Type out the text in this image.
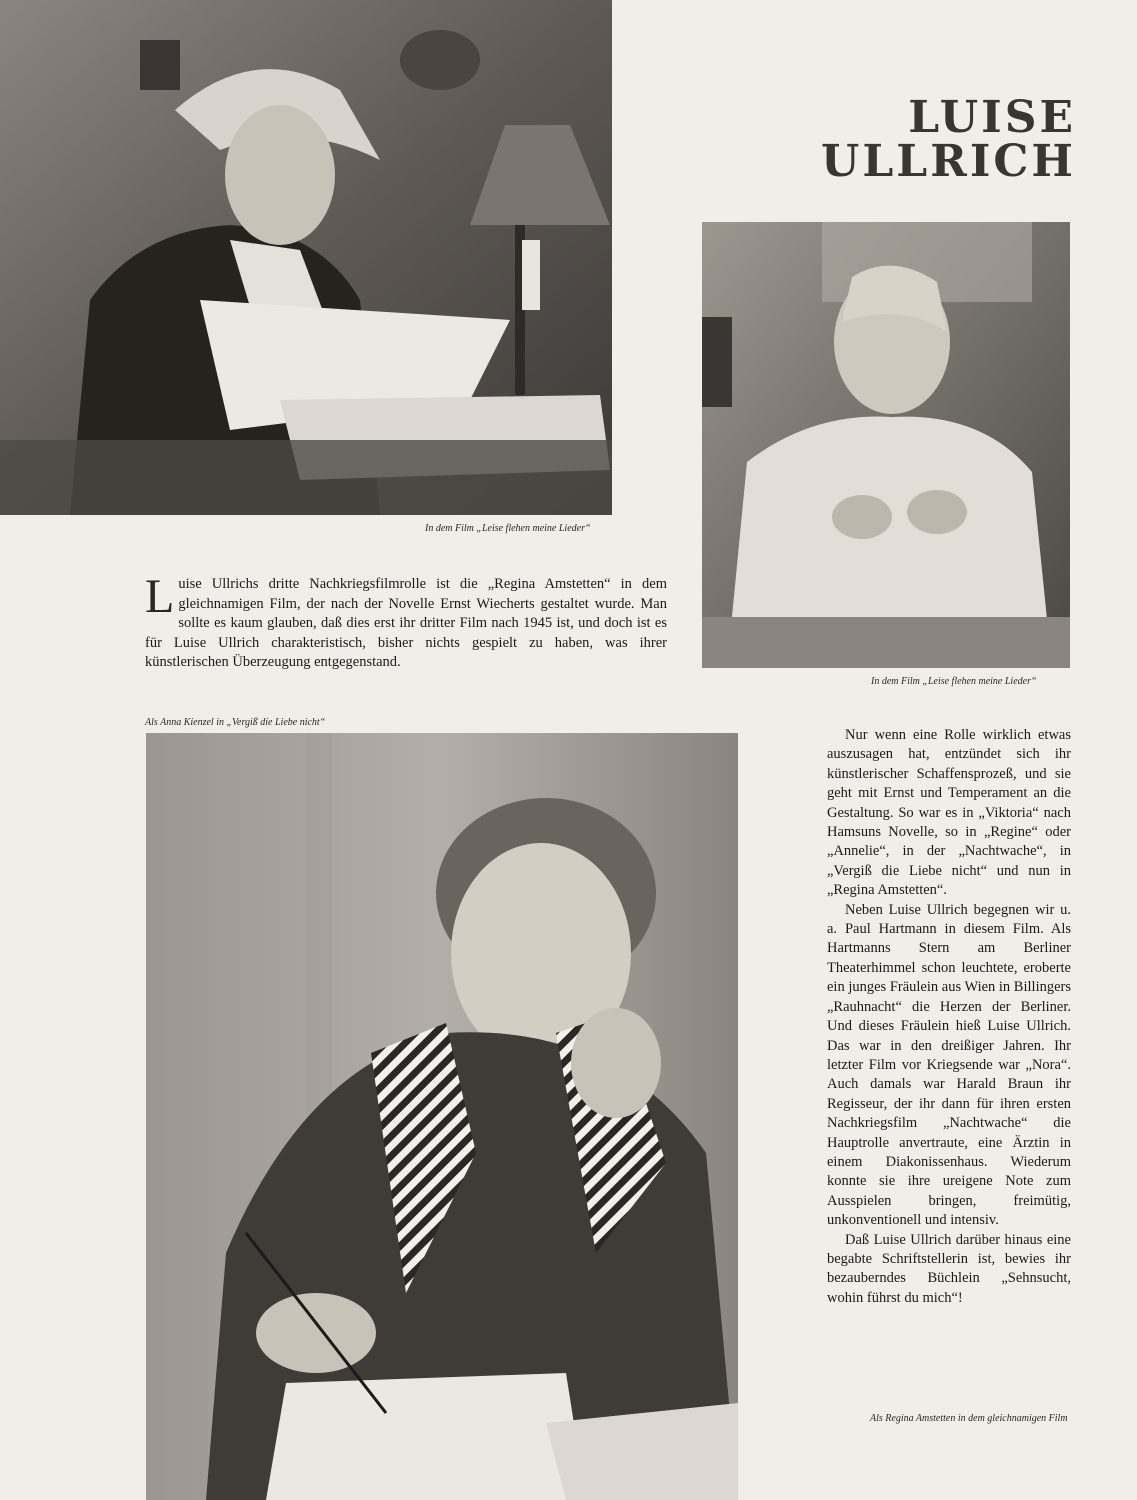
In dem Film „Leise flehen meine Lieder“

LUISE ULLRICH

In dem Film „Leise flehen meine Lieder“

Luise Ullrichs dritte Nachkriegsfilmrolle ist die „Regina Amstetten“ in dem gleichnamigen Film, der nach der Novelle Ernst Wiecherts gestaltet wurde. Man sollte es kaum glauben, daß dies erst ihr dritter Film nach 1945 ist, und doch ist es für Luise Ullrich charakteristisch, bisher nichts gespielt zu haben, was ihrer künstlerischen Überzeugung entgegenstand.

Als Anna Kienzel in „Vergiß die Liebe nicht“

Nur wenn eine Rolle wirklich etwas auszusagen hat, entzündet sich ihr künstlerischer Schaffensprozeß, und sie geht mit Ernst und Temperament an die Gestaltung. So war es in „Viktoria“ nach Hamsuns Novelle, so in „Regine“ oder „Annelie“, in der „Nachtwache“, in „Vergiß die Liebe nicht“ und nun in „Regina Amstetten“.

Neben Luise Ullrich begegnen wir u. a. Paul Hartmann in diesem Film. Als Hartmanns Stern am Berliner Theaterhimmel schon leuchtete, eroberte ein junges Fräulein aus Wien in Billingers „Rauhnacht“ die Herzen der Berliner. Und dieses Fräulein hieß Luise Ullrich. Das war in den dreißiger Jahren. Ihr letzter Film vor Kriegsende war „Nora“. Auch damals war Harald Braun ihr Regisseur, der ihr dann für ihren ersten Nachkriegsfilm „Nachtwache“ die Hauptrolle anvertraute, eine Ärztin in einem Diakonissenhaus. Wiederum konnte sie ihre ureigene Note zum Ausspielen bringen, freimütig, unkonventionell und intensiv.

Daß Luise Ullrich darüber hinaus eine begabte Schriftstellerin ist, bewies ihr bezauberndes Büchlein „Sehnsucht, wohin führst du mich“!

Als Regina Amstetten in dem gleichnamigen Film
